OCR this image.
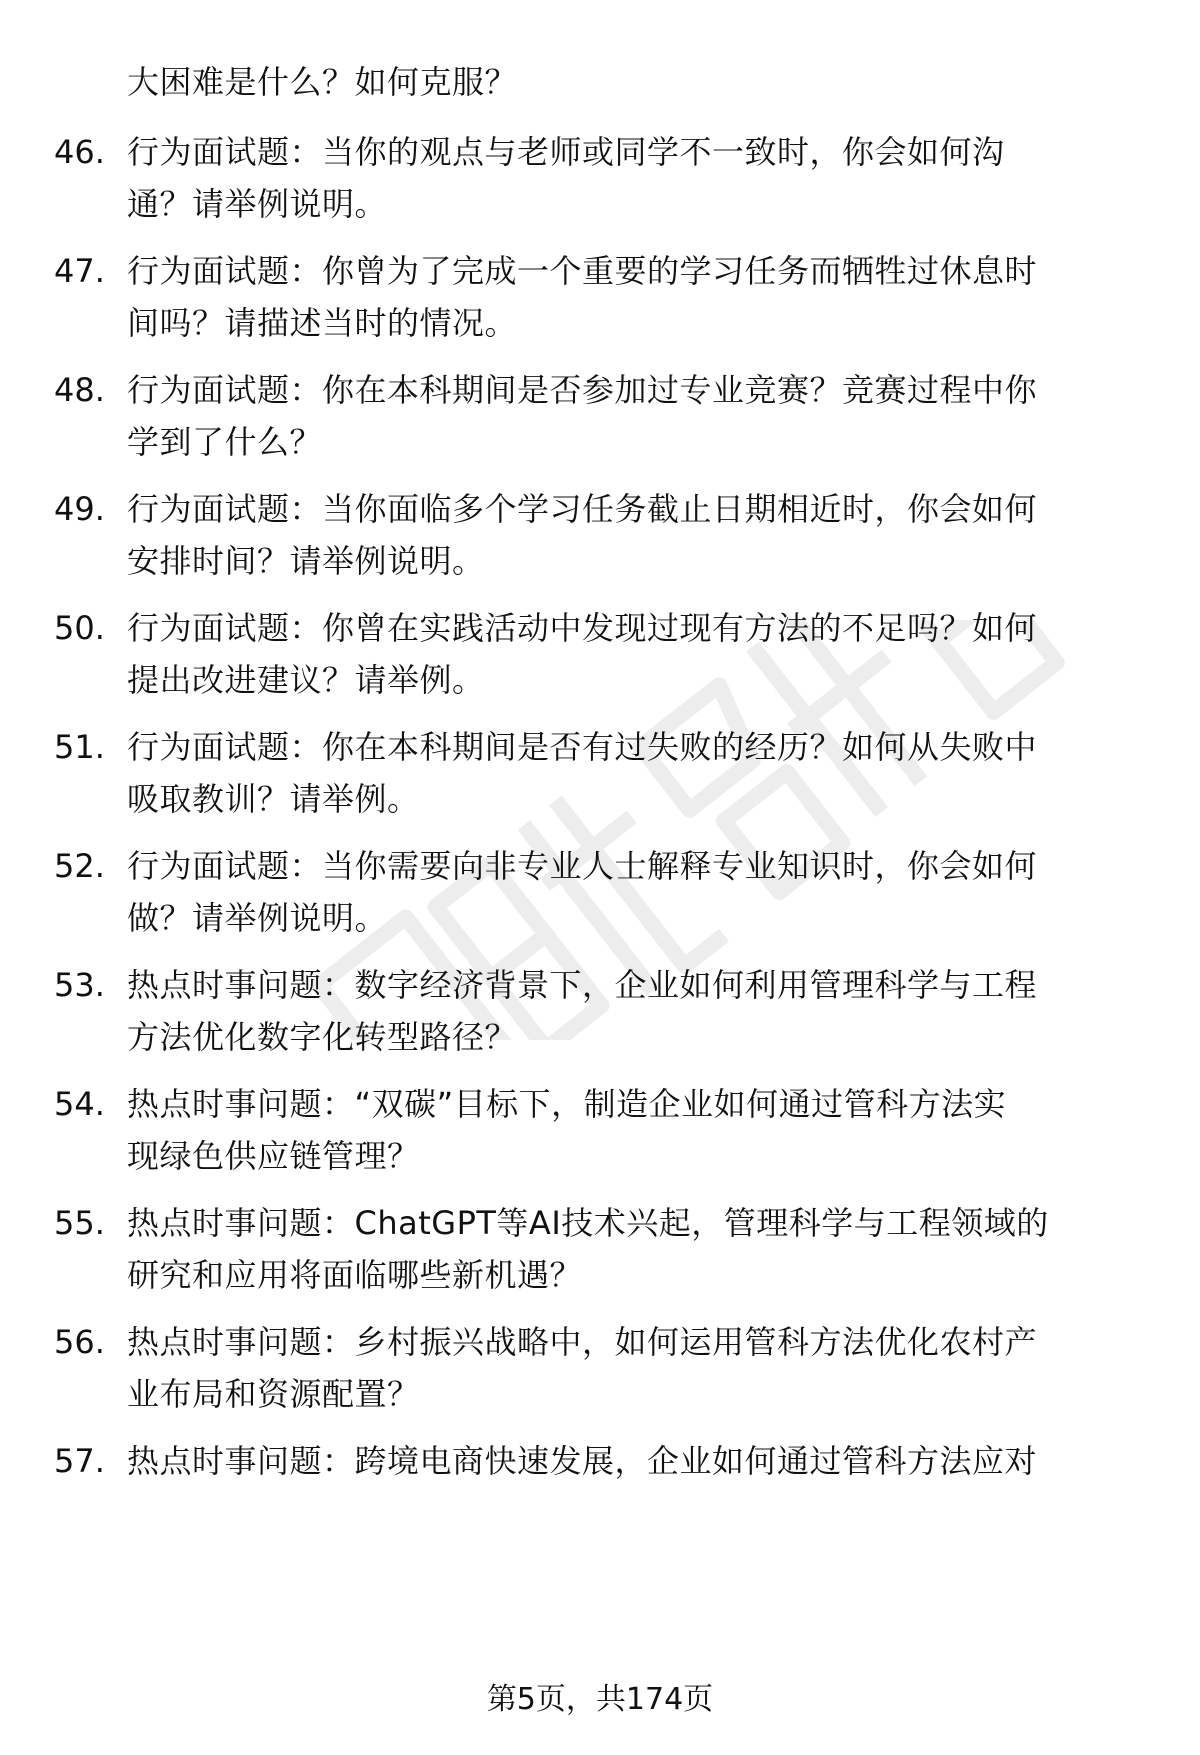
大困难是什么？如何克服？
46. 行为面试题：当你的观点与老师或同学不一致时，你会如何沟
通？请举例说明。
47. 行为面试题：你曾为了完成一个重要的学习任务而牺牲过休息时
间吗？请描述当时的情况。
48. 行为面试题：你在本科期间是否参加过专业竞赛？竞赛过程中你
学到了什么？
49. 行为面试题：当你面临多个学习任务截止日期相近时，你会如何
安排时间？请举例说明。
50. 行为面试题：你曾在实践活动中发现过现有方法的不足吗？如何
提出改进建议？请举例。
51. 行为面试题：你在本科期间是否有过失败的经历？如何从失败中
吸取教训？请举例。
52. 行为面试题：当你需要向非专业人士解释专业知识时，你会如何
做？请举例说明。
53. 热点时事问题：数字经济背景下，企业如何利用管理科学与工程
方法优化数字化转型路径？
54. 热点时事问题：“双碳”目标下，制造企业如何通过管科方法实
现绿色供应链管理？
55. 热点时事问题：ChatGPT等AI技术兴起，管理科学与工程领域的
研究和应用将面临哪些新机遇？
56. 热点时事问题：乡村振兴战略中，如何运用管科方法优化农村产
业布局和资源配置？
57. 热点时事问题：跨境电商快速发展，企业如何通过管科方法应对
第5页，共174页
